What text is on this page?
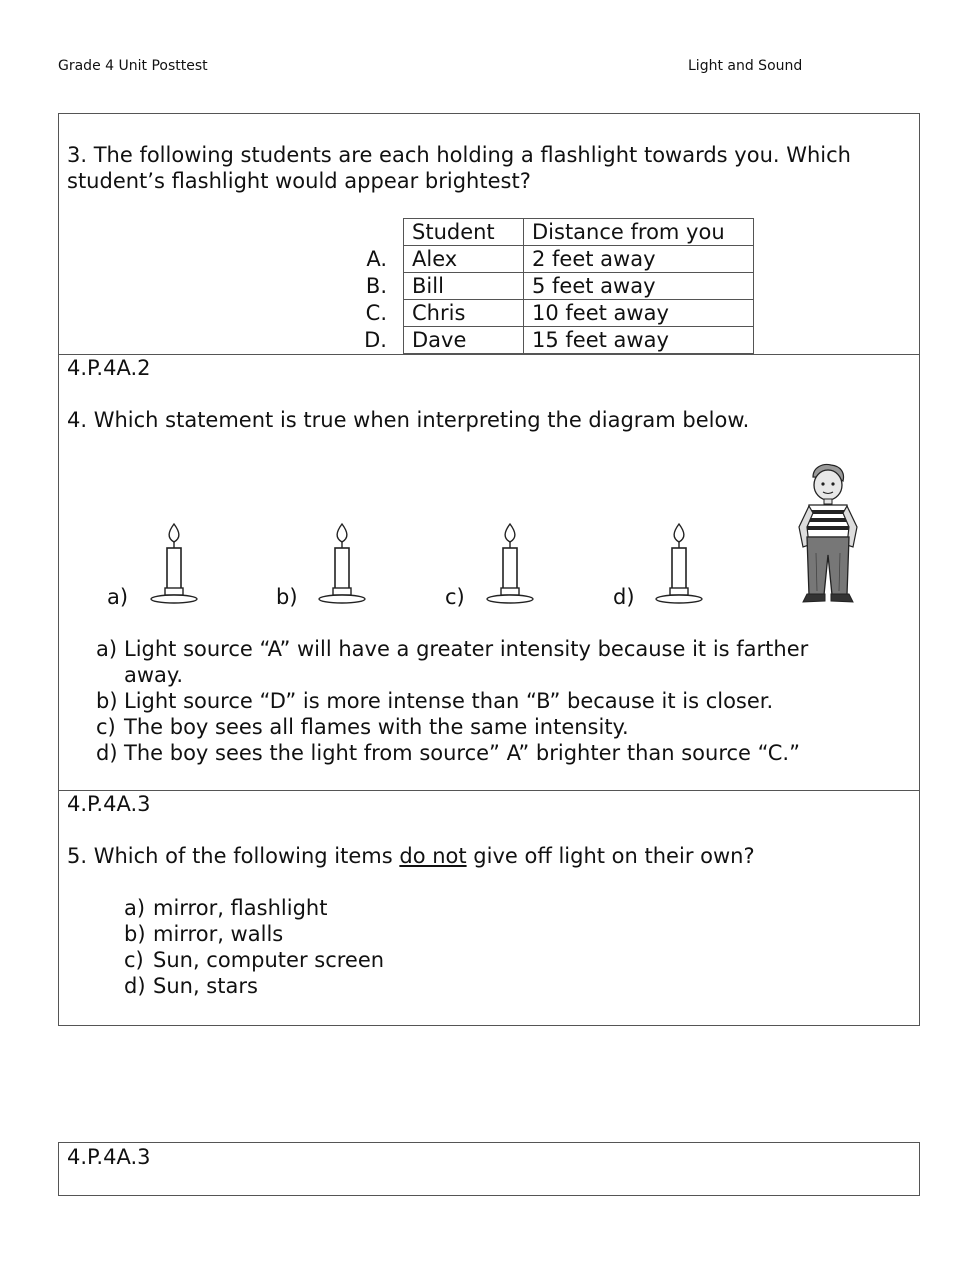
Grade 4 Unit Posttest	Light and Sound
3. The following students are each holding a flashlight towards you. Which
student’s flashlight would appear brightest?
	Student	Distance from you
A.	Alex	2 feet away
B.	Bill	5 feet away
C.	Chris	10 feet away
D.	Dave	15 feet away
4.P.4A.2
4. Which statement is true when interpreting the diagram below.
a)	b)	c)	d)
a) Light source “A” will have a greater intensity because it is farther
away.
b) Light source “D” is more intense than “B” because it is closer.
c) The boy sees all flames with the same intensity.
d) The boy sees the light from source” A” brighter than source “C.”
4.P.4A.3
5. Which of the following items do not give off light on their own?
a) mirror, flashlight
b) mirror, walls
c) Sun, computer screen
d) Sun, stars
4.P.4A.3
